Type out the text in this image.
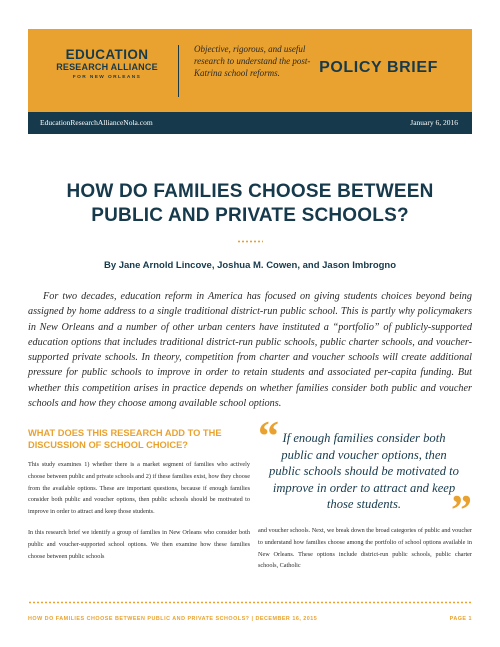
EDUCATION
RESEARCH ALLIANCE
FOR NEW ORLEANS
Objective, rigorous, and useful research to understand the post-Katrina school reforms.	POLICY BRIEF
EducationResearchAllianceNola.com	January 6, 2016
HOW DO FAMILIES CHOOSE BETWEEN PUBLIC AND PRIVATE SCHOOLS?
By Jane Arnold Lincove, Joshua M. Cowen, and Jason Imbrogno

For two decades, education reform in America has focused on giving students choices beyond being assigned by home address to a single traditional district-run public school. This is partly why policymakers in New Orleans and a number of other urban centers have instituted a “portfolio” of publicly-supported education options that includes traditional district-run public schools, public charter schools, and voucher-supported private schools. In theory, competition from charter and voucher schools will create additional pressure for public schools to improve in order to retain students and associated per-capita funding. But whether this competition arises in practice depends on whether families consider both public and voucher schools and how they choose among available school options.

WHAT DOES THIS RESEARCH ADD TO THE DISCUSSION OF SCHOOL CHOICE?

This study examines 1) whether there is a market segment of families who actively choose between public and private schools and 2) if these families exist, how they choose from the available options. These are important questions, because if enough families consider both public and voucher options, then public schools should be motivated to improve in order to attract and keep those students.

In this research brief we identify a group of families in New Orleans who consider both public and voucher-supported school options. We then examine how these families choose between public schools

“ If enough families consider both public and voucher options, then public schools should be motivated to improve in order to attract and keep those students.	”

and voucher schools. Next, we break down the broad categories of public and voucher to understand how families choose among the portfolio of school options available in New Orleans. These options include district-run public schools, public charter schools, Catholic

HOW DO FAMILIES CHOOSE BETWEEN PUBLIC AND PRIVATE SCHOOLS? | DECEMBER 16, 2015	PAGE 1
